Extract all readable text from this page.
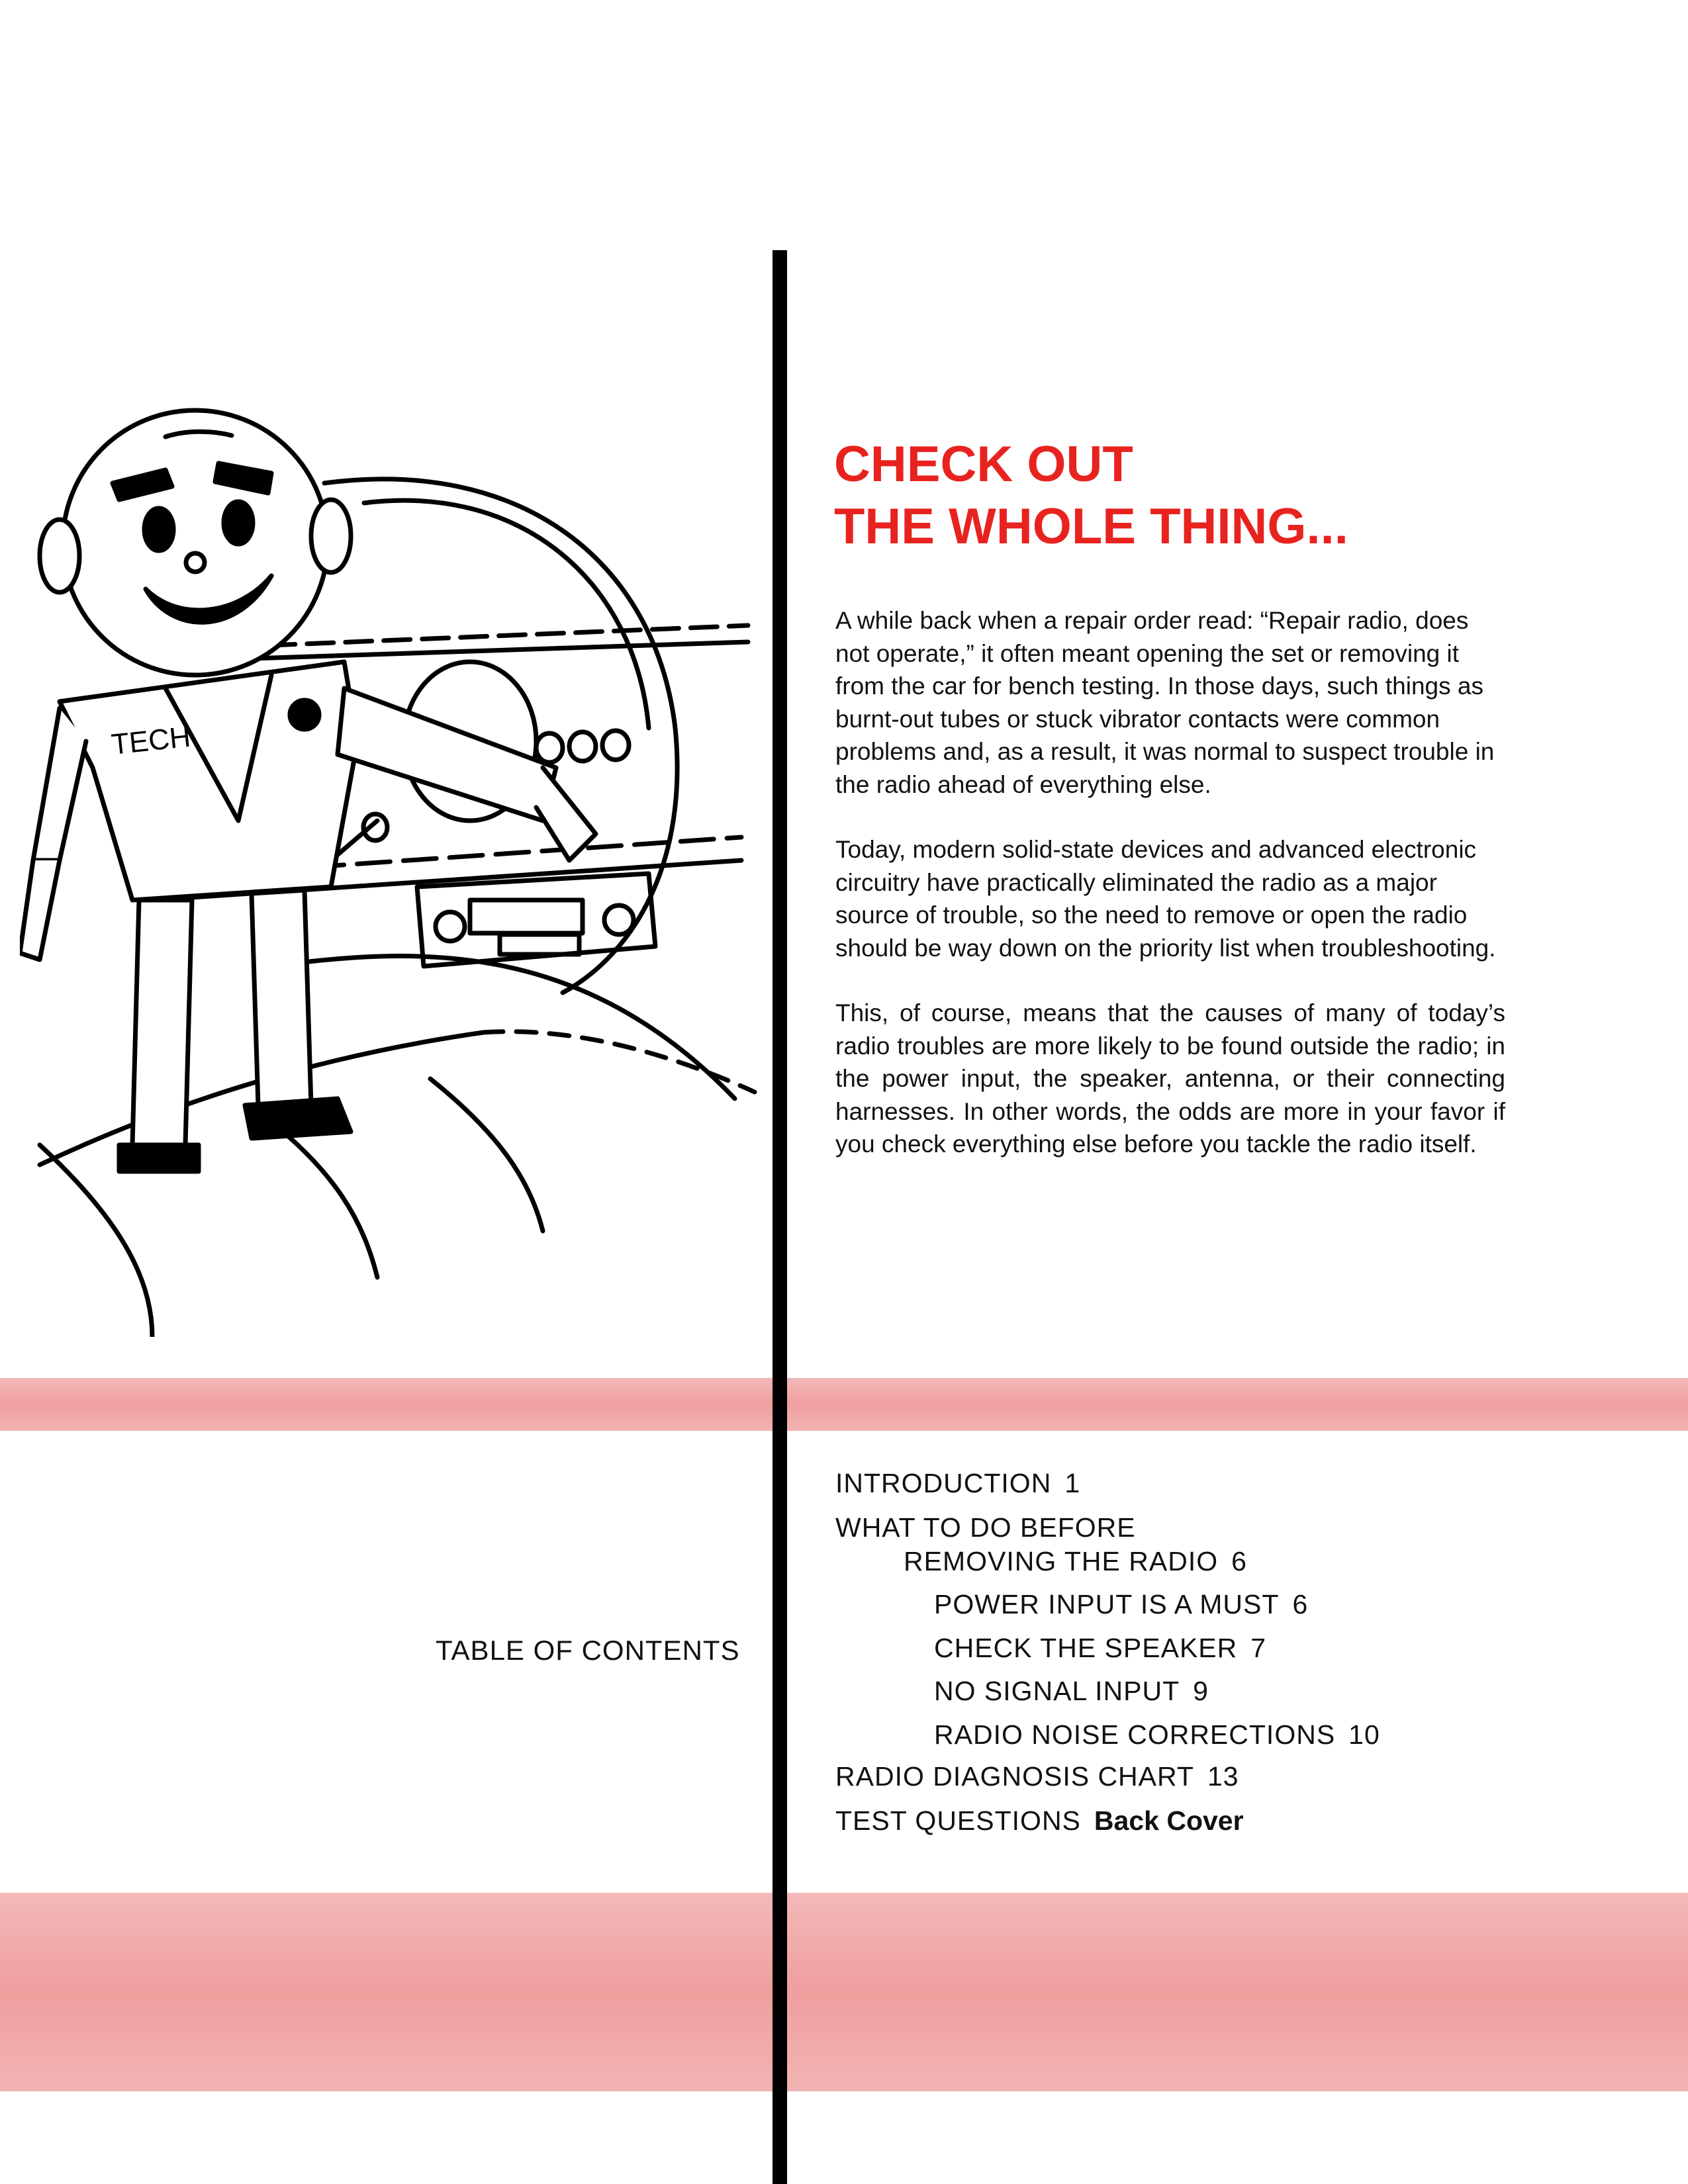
TECH
CHECK OUT
THE WHOLE THING...

A while back when a repair order read: “Repair radio, does not operate,” it often meant opening the set or removing it from the car for bench testing. In those days, such things as burnt-out tubes or stuck vibrator contacts were common problems and, as a result, it was normal to suspect trouble in the radio ahead of everything else.

Today, modern solid-state devices and advanced electronic circuitry have practically eliminated the radio as a major source of trouble, so the need to remove or open the radio should be way down on the priority list when troubleshooting.

This, of course, means that the causes of many of today’s radio troubles are more likely to be found outside the radio; in the power input, the speaker, antenna, or their connecting harnesses. In other words, the odds are more in your favor if you check everything else before you tackle the radio itself.

TABLE OF CONTENTS
INTRODUCTION 1
WHAT TO DO BEFORE
REMOVING THE RADIO 6
POWER INPUT IS A MUST 6
CHECK THE SPEAKER 7
NO SIGNAL INPUT 9
RADIO NOISE CORRECTIONS 10
RADIO DIAGNOSIS CHART 13
TEST QUESTIONS Back Cover
